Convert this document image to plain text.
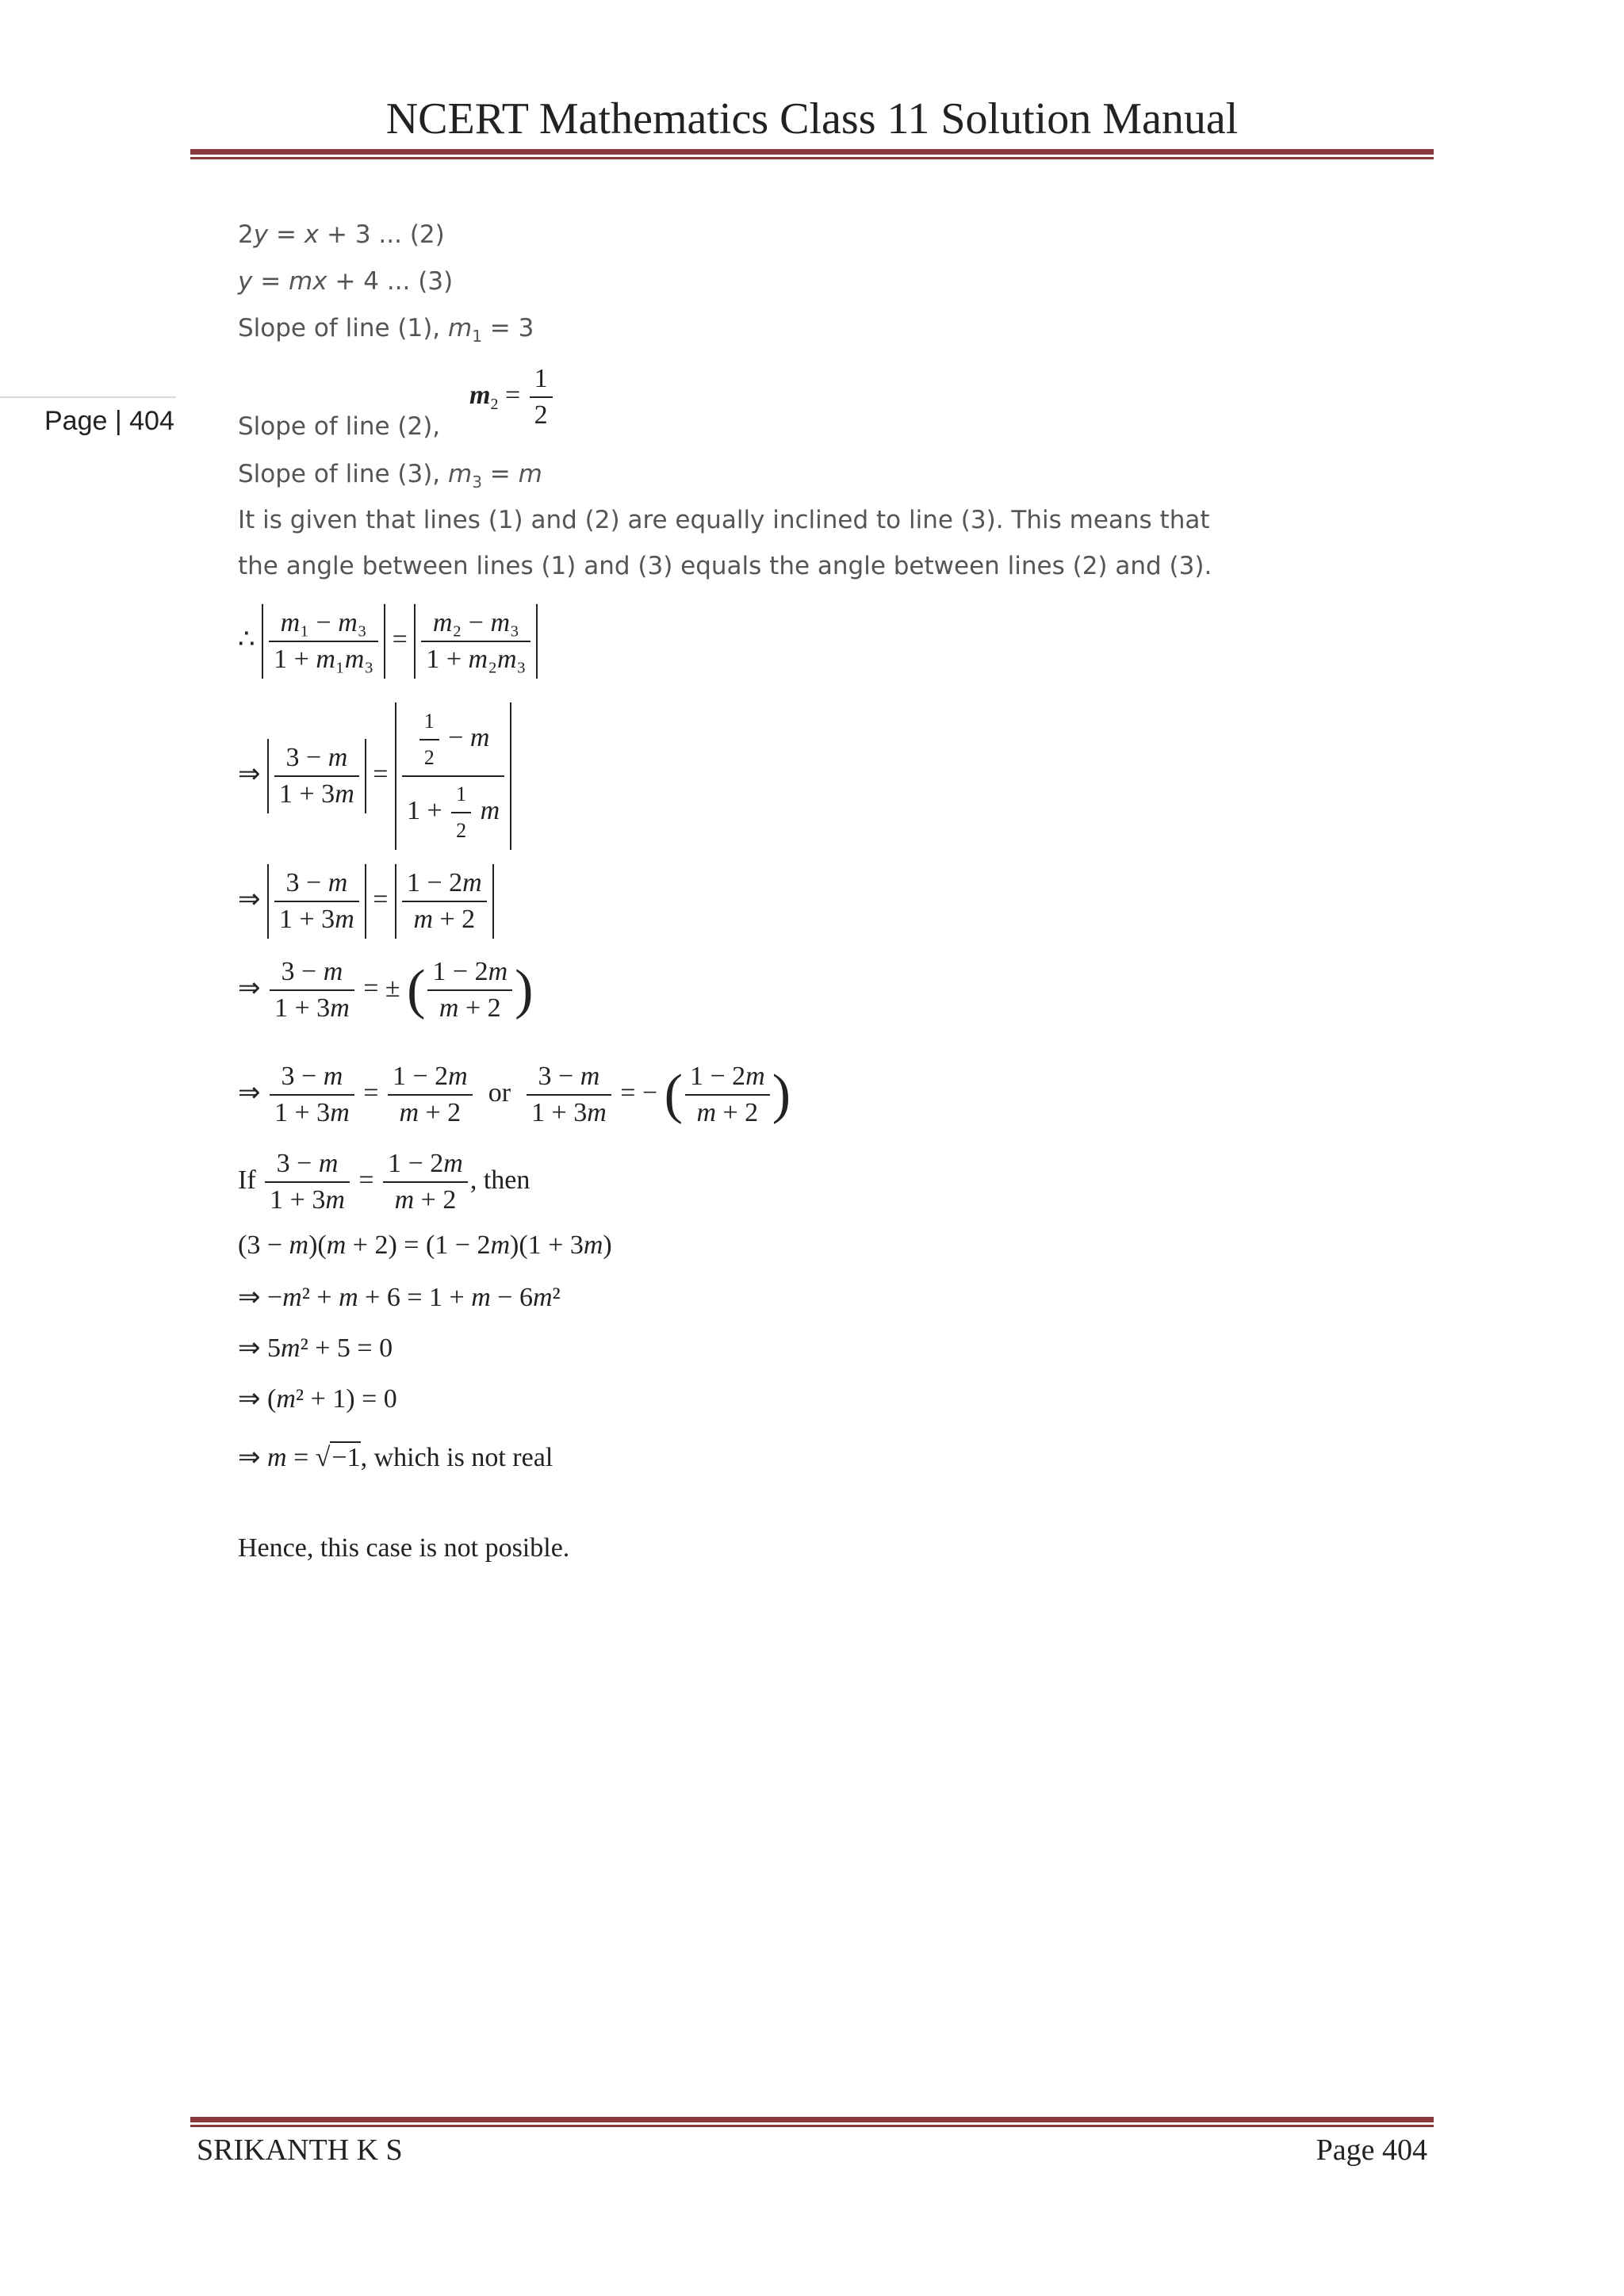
NCERT Mathematics Class 11 Solution Manual
Page | 404
2y = x + 3 ... (2)
y = mx + 4 ... (3)
Slope of line (1), $m_1 = 3$
Slope of line (2),
$m_2 = \frac{1}{2}$
Slope of line (3), $m_3 = m$
It is given that lines (1) and (2) are equally inclined to line (3). This means that
the angle between lines (1) and (3) equals the angle between lines (2) and (3).
∴ $\frac{\text{m₁ − m₃}}{\text{1 + m₁m₃}} = \frac{\text{m₂ − m₃}}{\text{1 + m₂m₃}}$
⇒ $\frac{3 - m}{1 + 3m} = \frac{\frac{1}{2} - m}{1 + \frac{1}{2} m}$
⇒ $\frac{3 - m}{1 + 3m} = \frac{1 - 2m}{m + 2}$
⇒ $\frac{3 - m}{1 + 3m}$ = ± ( $\frac{1 - 2m}{m + 2}$ )
⇒ $\frac{3 - m}{1 + 3m} = \frac{1 - 2m}{m + 2}$ or $\frac{3 - m}{1 + 3m}$ = − ( $\frac{1 - 2m}{m + 2}$ )
If $\frac{3 - m}{1 + 3m} = \frac{1 - 2m}{m + 2}$ , then
(3 − m)(m + 2) = (1 − 2m)(1 + 3m)
⇒ −m² + m + 6 = 1 + m − 6m²
⇒ 5m² + 5 = 0
⇒ (m² + 1) = 0
⇒ m = √−1, which is not real
Hence, this case is not posible.
SRIKANTH K S	Page 404
